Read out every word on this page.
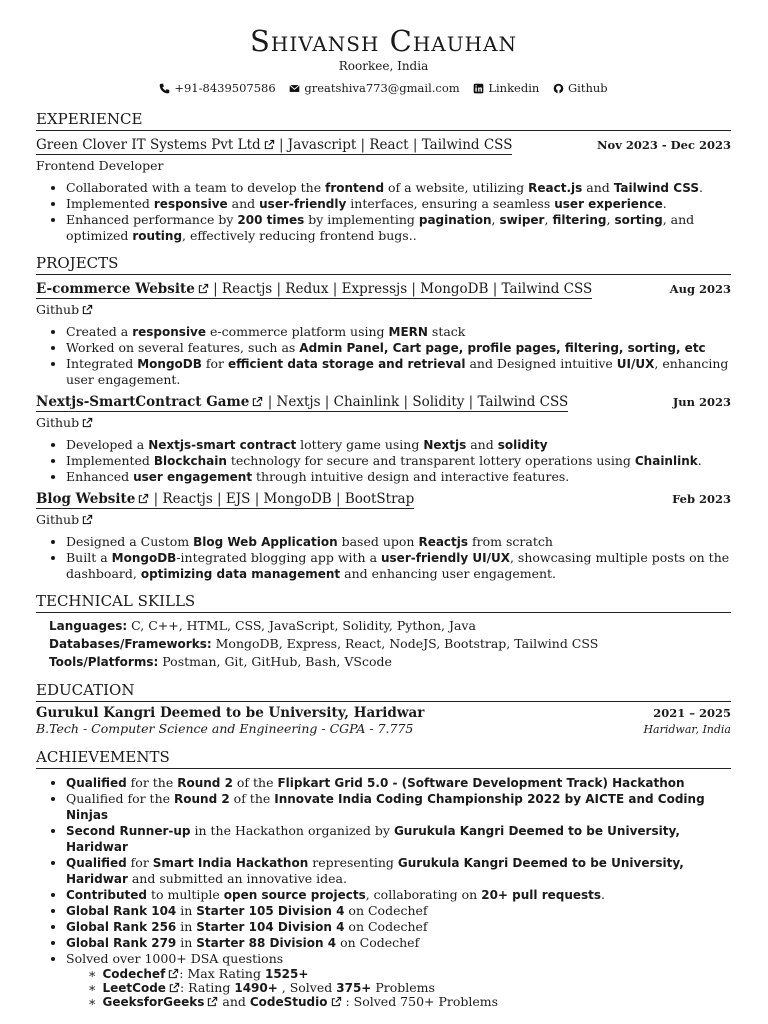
Shivansh Chauhan
Roorkee, India
+91-8439507586
greatshiva773@gmail.com
Linkedin
Github
EXPERIENCE
Green Clover IT Systems Pvt Ltd | Javascript | React | Tailwind CSS	Nov 2023 - Dec 2023
Frontend Developer
• Collaborated with a team to develop the frontend of a website, utilizing React.js and Tailwind CSS.
• Implemented responsive and user-friendly interfaces, ensuring a seamless user experience.
• Enhanced performance by 200 times by implementing pagination, swiper, filtering, sorting, and optimized routing, effectively reducing frontend bugs..
PROJECTS
E-commerce Website | Reactjs | Redux | Expressjs | MongoDB | Tailwind CSS	Aug 2023
Github
• Created a responsive e-commerce platform using MERN stack
• Worked on several features, such as Admin Panel, Cart page, profile pages, filtering, sorting, etc
• Integrated MongoDB for efficient data storage and retrieval and Designed intuitive UI/UX, enhancing user engagement.
Nextjs-SmartContract Game | Nextjs | Chainlink | Solidity | Tailwind CSS	Jun 2023
Github
• Developed a Nextjs-smart contract lottery game using Nextjs and solidity
• Implemented Blockchain technology for secure and transparent lottery operations using Chainlink.
• Enhanced user engagement through intuitive design and interactive features.
Blog Website | Reactjs | EJS | MongoDB | BootStrap	Feb 2023
Github
• Designed a Custom Blog Web Application based upon Reactjs from scratch
• Built a MongoDB-integrated blogging app with a user-friendly UI/UX, showcasing multiple posts on the dashboard, optimizing data management and enhancing user engagement.
TECHNICAL SKILLS
Languages: C, C++, HTML, CSS, JavaScript, Solidity, Python, Java
Databases/Frameworks: MongoDB, Express, React, NodeJS, Bootstrap, Tailwind CSS
Tools/Platforms: Postman, Git, GitHub, Bash, VScode
EDUCATION
Gurukul Kangri Deemed to be University, Haridwar	2021 – 2025
B.Tech - Computer Science and Engineering - CGPA - 7.775	Haridwar, India
ACHIEVEMENTS
• Qualified for the Round 2 of the Flipkart Grid 5.0 - (Software Development Track) Hackathon
• Qualified for the Round 2 of the Innovate India Coding Championship 2022 by AICTE and Coding Ninjas
• Second Runner-up in the Hackathon organized by Gurukula Kangri Deemed to be University, Haridwar
• Qualified for Smart India Hackathon representing Gurukula Kangri Deemed to be University, Haridwar and submitted an innovative idea.
• Contributed to multiple open source projects, collaborating on 20+ pull requests.
• Global Rank 104 in Starter 105 Division 4 on Codechef
• Global Rank 256 in Starter 104 Division 4 on Codechef
• Global Rank 279 in Starter 88 Division 4 on Codechef
• Solved over 1000+ DSA questions
∗ Codechef : Max Rating 1525+
∗ LeetCode : Rating 1490+ , Solved 375+ Problems
∗ GeeksforGeeks and CodeStudio : Solved 750+ Problems
